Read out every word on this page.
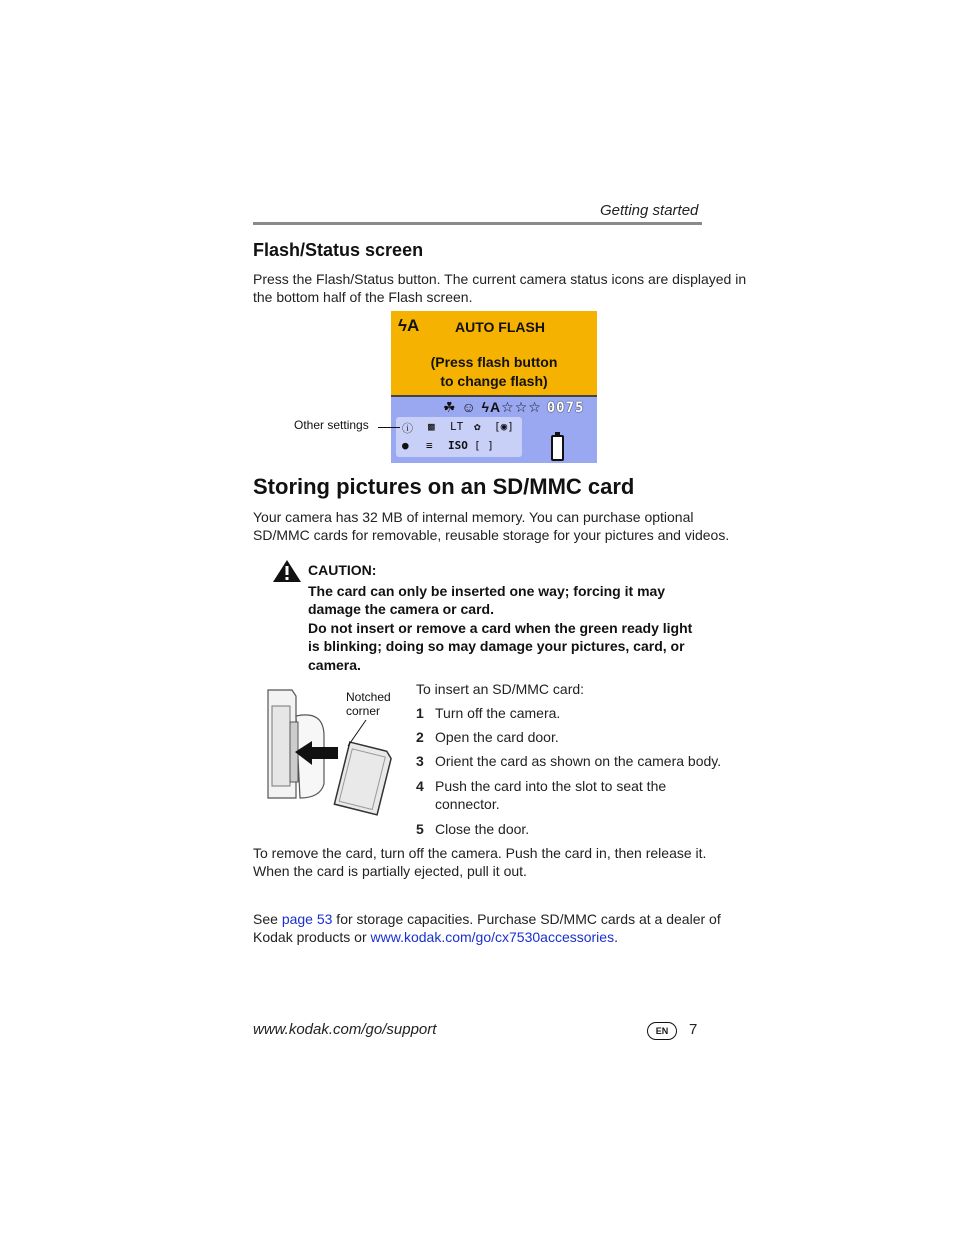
Getting started
Flash/Status screen
Press the Flash/Status button. The current camera status icons are displayed in
the bottom half of the Flash screen.
ϟA	AUTO FLASH
(Press flash button
to change flash)
☘ ☺ ϟA☆☆☆ 0075
ⓘ ▩ LT ✿ [◉]
● ≡ ISO [ ]
Other settings
Storing pictures on an SD/MMC card
Your camera has 32 MB of internal memory. You can purchase optional
SD/MMC cards for removable, reusable storage for your pictures and videos.
CAUTION:
The card can only be inserted one way; forcing it may
damage the camera or card.
Do not insert or remove a card when the green ready light
is blinking; doing so may damage your pictures, card, or
camera.
Notched
corner
To insert an SD/MMC card:
1 Turn off the camera.
2 Open the card door.
3 Orient the card as shown on the camera body.
4 Push the card into the slot to seat the
connector.
5 Close the door.
To remove the card, turn off the camera. Push the card in, then release it.
When the card is partially ejected, pull it out.
See page 53 for storage capacities. Purchase SD/MMC cards at a dealer of
Kodak products or www.kodak.com/go/cx7530accessories.
www.kodak.com/go/support	EN	7
